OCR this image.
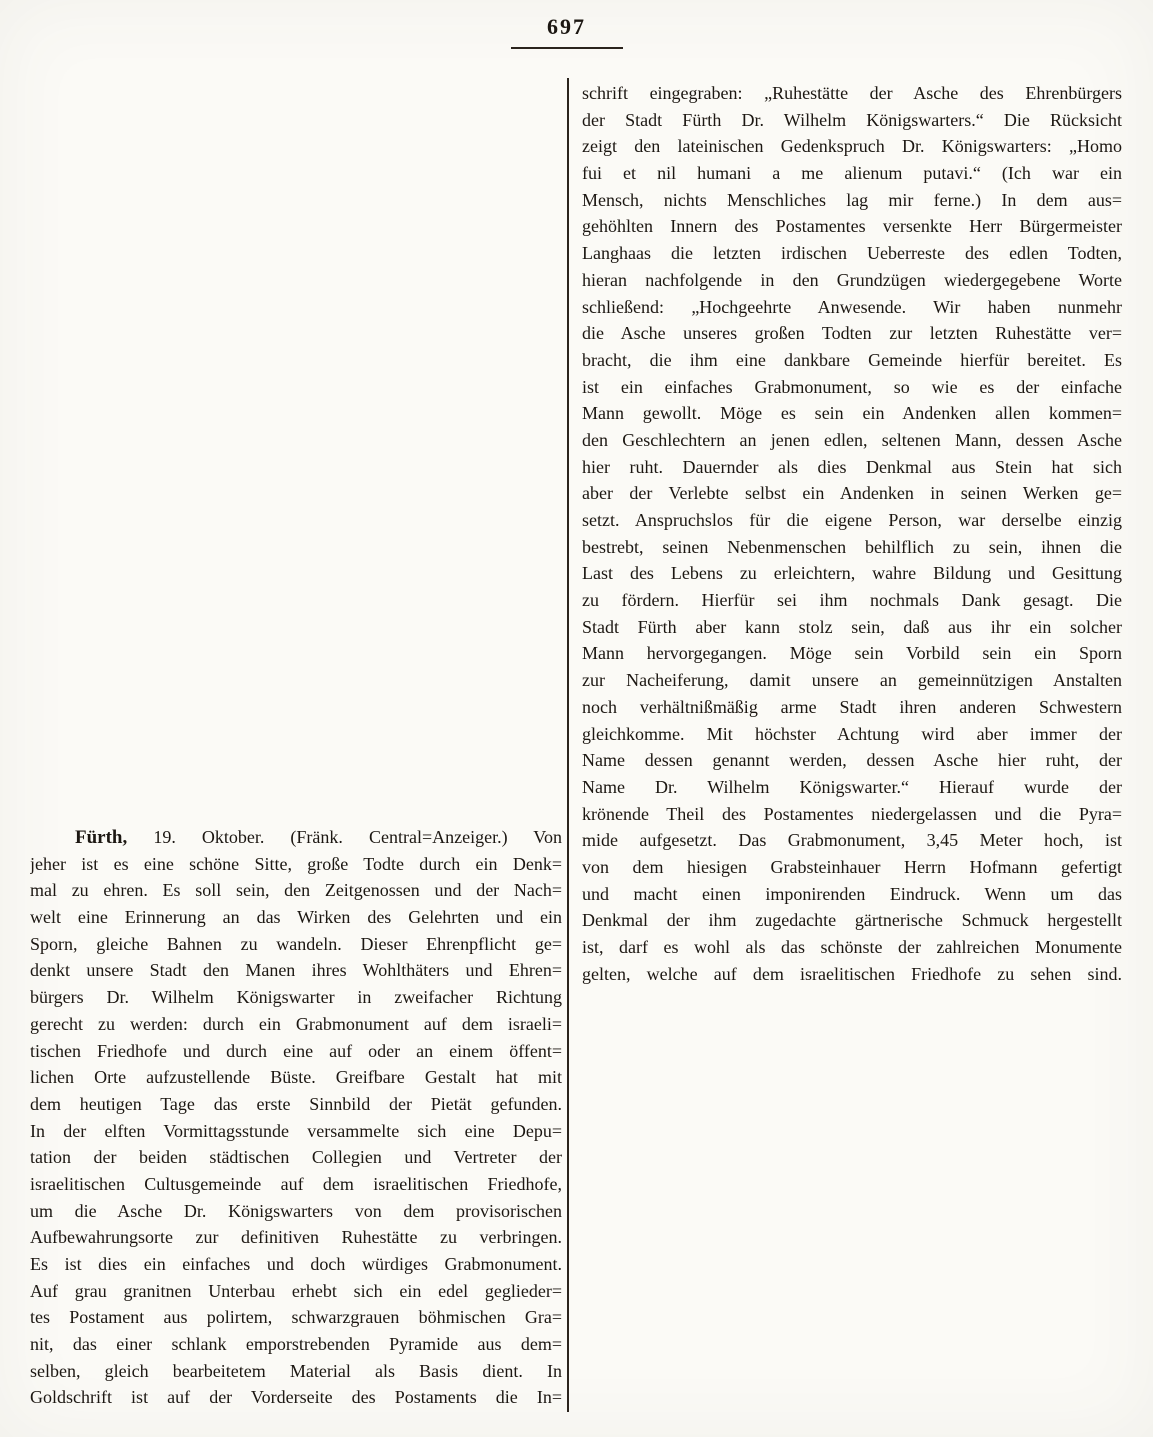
697
Fürth, 19. Oktober. (Fränk. Central=Anzeiger.) Von
jeher ist es eine schöne Sitte, große Todte durch ein Denk=
mal zu ehren. Es soll sein, den Zeitgenossen und der Nach=
welt eine Erinnerung an das Wirken des Gelehrten und ein
Sporn, gleiche Bahnen zu wandeln. Dieser Ehrenpflicht ge=
denkt unsere Stadt den Manen ihres Wohlthäters und Ehren=
bürgers Dr. Wilhelm Königswarter in zweifacher Richtung
gerecht zu werden: durch ein Grabmonument auf dem israeli=
tischen Friedhofe und durch eine auf oder an einem öffent=
lichen Orte aufzustellende Büste. Greifbare Gestalt hat mit
dem heutigen Tage das erste Sinnbild der Pietät gefunden.
In der elften Vormittagsstunde versammelte sich eine Depu=
tation der beiden städtischen Collegien und Vertreter der
israelitischen Cultusgemeinde auf dem israelitischen Friedhofe,
um die Asche Dr. Königswarters von dem provisorischen
Aufbewahrungsorte zur definitiven Ruhestätte zu verbringen.
Es ist dies ein einfaches und doch würdiges Grabmonument.
Auf grau granitnen Unterbau erhebt sich ein edel geglieder=
tes Postament aus polirtem, schwarzgrauen böhmischen Gra=
nit, das einer schlank emporstrebenden Pyramide aus dem=
selben, gleich bearbeitetem Material als Basis dient. In
Goldschrift ist auf der Vorderseite des Postaments die In=
schrift eingegraben: „Ruhestätte der Asche des Ehrenbürgers
der Stadt Fürth Dr. Wilhelm Königswarters.“ Die Rücksicht
zeigt den lateinischen Gedenkspruch Dr. Königswarters: „Homo
fui et nil humani a me alienum putavi.“ (Ich war ein
Mensch, nichts Menschliches lag mir ferne.) In dem aus=
gehöhlten Innern des Postamentes versenkte Herr Bürgermeister
Langhaas die letzten irdischen Ueberreste des edlen Todten,
hieran nachfolgende in den Grundzügen wiedergegebene Worte
schließend: „Hochgeehrte Anwesende. Wir haben nunmehr
die Asche unseres großen Todten zur letzten Ruhestätte ver=
bracht, die ihm eine dankbare Gemeinde hierfür bereitet. Es
ist ein einfaches Grabmonument, so wie es der einfache
Mann gewollt. Möge es sein ein Andenken allen kommen=
den Geschlechtern an jenen edlen, seltenen Mann, dessen Asche
hier ruht. Dauernder als dies Denkmal aus Stein hat sich
aber der Verlebte selbst ein Andenken in seinen Werken ge=
setzt. Anspruchslos für die eigene Person, war derselbe einzig
bestrebt, seinen Nebenmenschen behilflich zu sein, ihnen die
Last des Lebens zu erleichtern, wahre Bildung und Gesittung
zu fördern. Hierfür sei ihm nochmals Dank gesagt. Die
Stadt Fürth aber kann stolz sein, daß aus ihr ein solcher
Mann hervorgegangen. Möge sein Vorbild sein ein Sporn
zur Nacheiferung, damit unsere an gemeinnützigen Anstalten
noch verhältnißmäßig arme Stadt ihren anderen Schwestern
gleichkomme. Mit höchster Achtung wird aber immer der
Name dessen genannt werden, dessen Asche hier ruht, der
Name Dr. Wilhelm Königswarter.“ Hierauf wurde der
krönende Theil des Postamentes niedergelassen und die Pyra=
mide aufgesetzt. Das Grabmonument, 3,45 Meter hoch, ist
von dem hiesigen Grabsteinhauer Herrn Hofmann gefertigt
und macht einen imponirenden Eindruck. Wenn um das
Denkmal der ihm zugedachte gärtnerische Schmuck hergestellt
ist, darf es wohl als das schönste der zahlreichen Monumente
gelten, welche auf dem israelitischen Friedhofe zu sehen sind.
